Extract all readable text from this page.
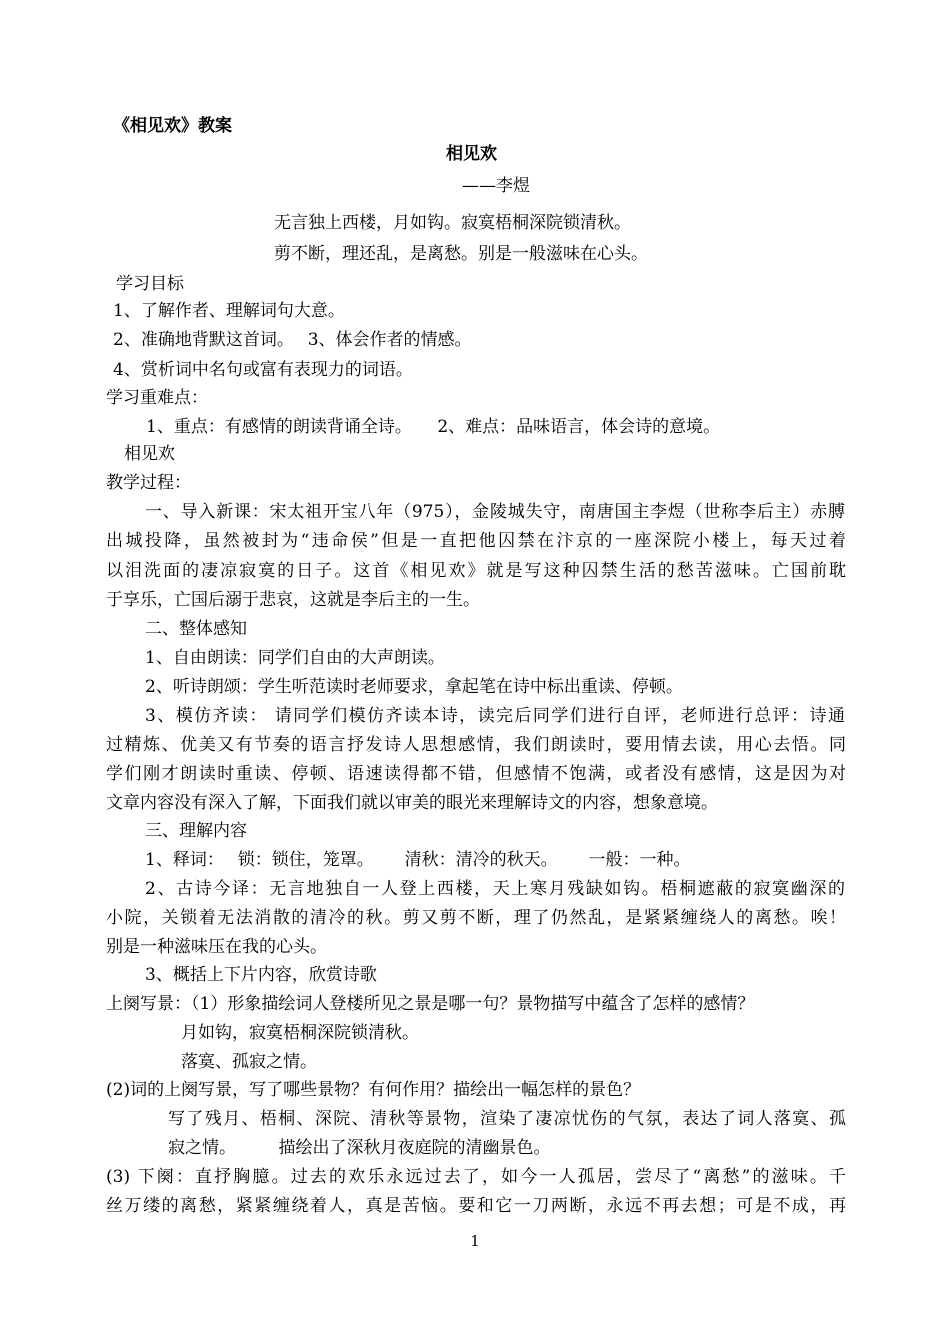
《相见欢》教案
相见欢
——李煜
无言独上西楼，月如钩。寂寞梧桐深院锁清秋。
剪不断，理还乱，是离愁。别是一般滋味在心头。
学习目标
1、了解作者、理解词句大意。
2、准确地背默这首词。　 3、体会作者的情感。
4、赏析词中名句或富有表现力的词语。
学习重难点：
1、重点：有感情的朗读背诵全诗。　　2、难点：品味语言，体会诗的意境。
相见欢
教学过程：
一、导入新课：宋太祖开宝八年（975），金陵城失守，南唐国主李煜（世称李后主）赤膊
出城投降，虽然被封为“违命侯”但是一直把他囚禁在汴京的一座深院小楼上，每天过着
以泪洗面的凄凉寂寞的日子。这首《相见欢》就是写这种囚禁生活的愁苦滋味。亡国前耽
于享乐，亡国后溺于悲哀，这就是李后主的一生。
二、整体感知
1、自由朗读：同学们自由的大声朗读。
2、听诗朗颂：学生听范读时老师要求，拿起笔在诗中标出重读、停顿。
3、模仿齐读： 请同学们模仿齐读本诗，读完后同学们进行自评，老师进行总评：诗通
过精炼、优美又有节奏的语言抒发诗人思想感情，我们朗读时，要用情去读，用心去悟。同
学们刚才朗读时重读、停顿、语速读得都不错，但感情不饱满，或者没有感情，这是因为对
文章内容没有深入了解，下面我们就以审美的眼光来理解诗文的内容，想象意境。
三、理解内容
1、释词：　 锁：锁住，笼罩。　　 清秋：清冷的秋天。　　 一般：一种。
2、古诗今译：无言地独自一人登上西楼，天上寒月残缺如钩。梧桐遮蔽的寂寞幽深的
小院，关锁着无法消散的清冷的秋。剪又剪不断，理了仍然乱，是紧紧缠绕人的离愁。唉！
别是一种滋味压在我的心头。
3、概括上下片内容，欣赏诗歌
上阕写景：（1）形象描绘词人登楼所见之景是哪一句？景物描写中蕴含了怎样的感情？
月如钩，寂寞梧桐深院锁清秋。
落寞、孤寂之情。
(2)词的上阕写景，写了哪些景物？有何作用？描绘出一幅怎样的景色？
写了残月、梧桐、深院、清秋等景物，渲染了凄凉忧伤的气氛，表达了词人落寞、孤
寂之情。　　　描绘出了深秋月夜庭院的清幽景色。
(3) 下阕：直抒胸臆。过去的欢乐永远过去了，如今一人孤居，尝尽了“离愁”的滋味。千
丝万缕的离愁，紧紧缠绕着人，真是苦恼。要和它一刀两断，永远不再去想；可是不成，再
1
